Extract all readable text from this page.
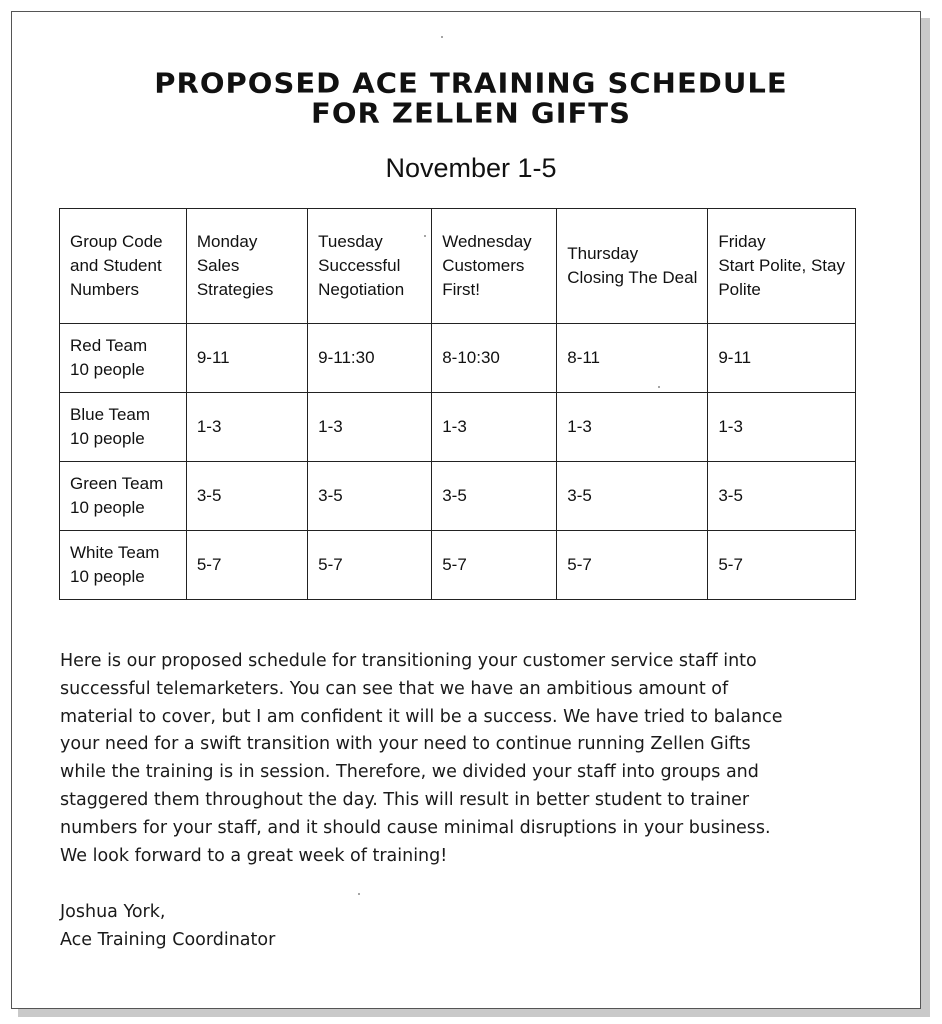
PROPOSED ACE TRAINING SCHEDULE
FOR ZELLEN GIFTS
November 1-5
Group Code
and Student
Numbers	Monday
Sales
Strategies	Tuesday
Successful
Negotiation	Wednesday
Customers
First!	Thursday
Closing The Deal	Friday
Start Polite, Stay
Polite

Red Team
10 people	9-11	9-11:30	8-10:30	8-11	9-11

Blue Team
10 people	1-3	1-3	1-3	1-3	1-3

Green Team
10 people	3-5	3-5	3-5	3-5	3-5

White Team
10 people	5-7	5-7	5-7	5-7	5-7
Here is our proposed schedule for transitioning your customer service staff into
successful telemarketers. You can see that we have an ambitious amount of
material to cover, but I am confident it will be a success. We have tried to balance
your need for a swift transition with your need to continue running Zellen Gifts
while the training is in session. Therefore, we divided your staff into groups and
staggered them throughout the day. This will result in better student to trainer
numbers for your staff, and it should cause minimal disruptions in your business.
We look forward to a great week of training!
Joshua York,
Ace Training Coordinator
